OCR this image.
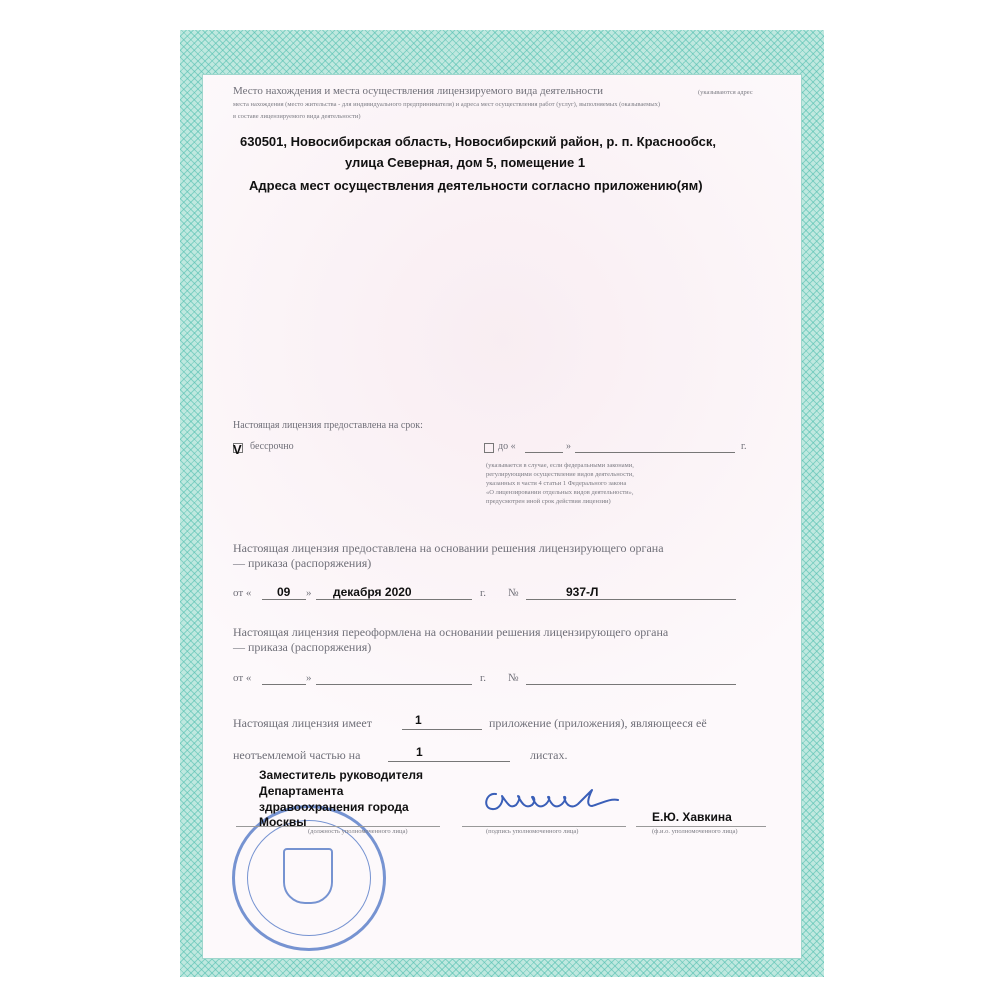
Место нахождения и места осуществления лицензируемого вида деятельности	(указываются адрес
места нахождения (место жительства - для индивидуального предпринимателя) и адреса мест осуществления работ (услуг), выполняемых (оказываемых)
в составе лицензируемого вида деятельности)
630501, Новосибирская область, Новосибирский район, р. п. Краснообск,
улица Северная, дом 5, помещение 1
Адреса мест осуществления деятельности согласно приложению(ям)
Настоящая лицензия предоставлена на срок:
V бессрочно	до «	»	г.
(указывается в случае, если федеральными законами,
регулирующими осуществление видов деятельности,
указанных в части 4 статьи 1 Федерального закона
«О лицензировании отдельных видов деятельности»,
предусмотрен иной срок действия лицензии)
Настоящая лицензия предоставлена на основании решения лицензирующего органа
— приказа (распоряжения)
от « 09 » декабря 2020	г. №	937-Л
Настоящая лицензия переоформлена на основании решения лицензирующего органа
— приказа (распоряжения)
от «	»	г. №
Настоящая лицензия имеет	1	приложение (приложения), являющееся её
неотъемлемой частью на	1	листах.
Заместитель руководителя
Департамента
здравоохранения города
Москвы
(должность уполномоченного лица)	(подпись уполномоченного лица)
Е.Ю. Хавкина
(ф.и.о. уполномоченного лица)
